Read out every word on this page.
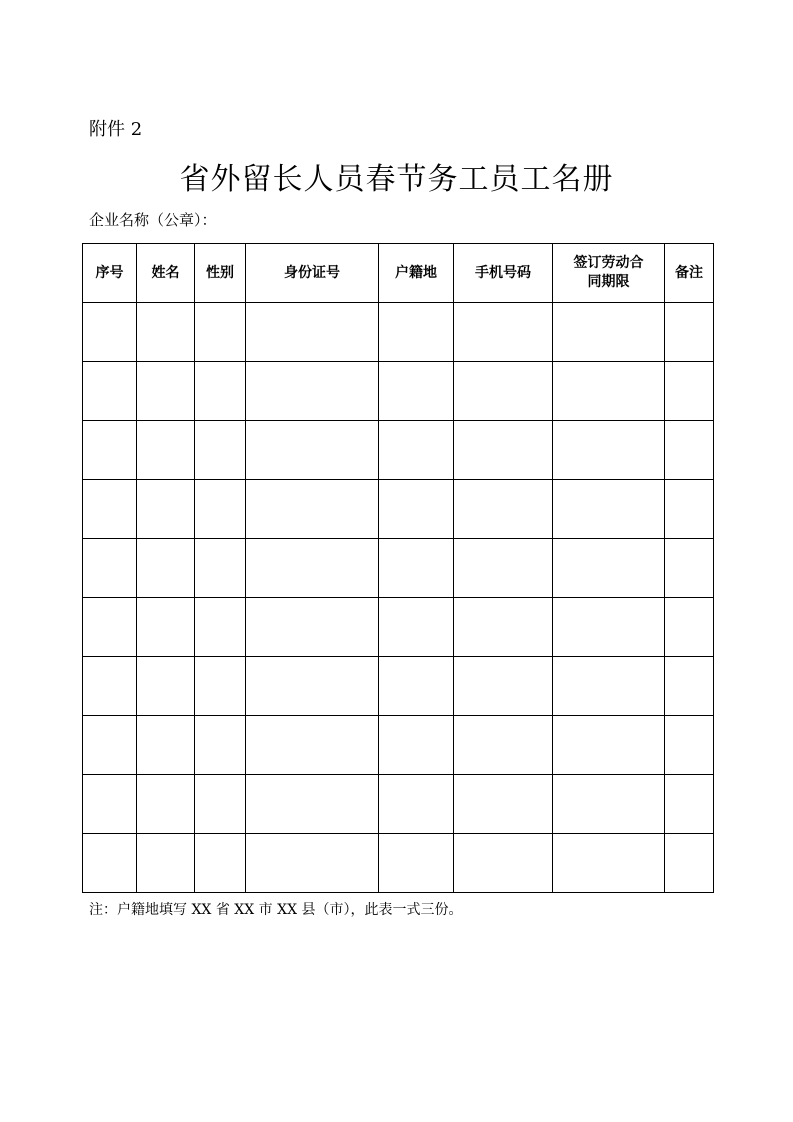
附件 2
省外留长人员春节务工员工名册
企业名称（公章）：
序号	姓名	性别	身份证号	户籍地	手机号码	签订劳动合同期限	备注

注：户籍地填写 XX 省 XX 市 XX 县（市），此表一式三份。
